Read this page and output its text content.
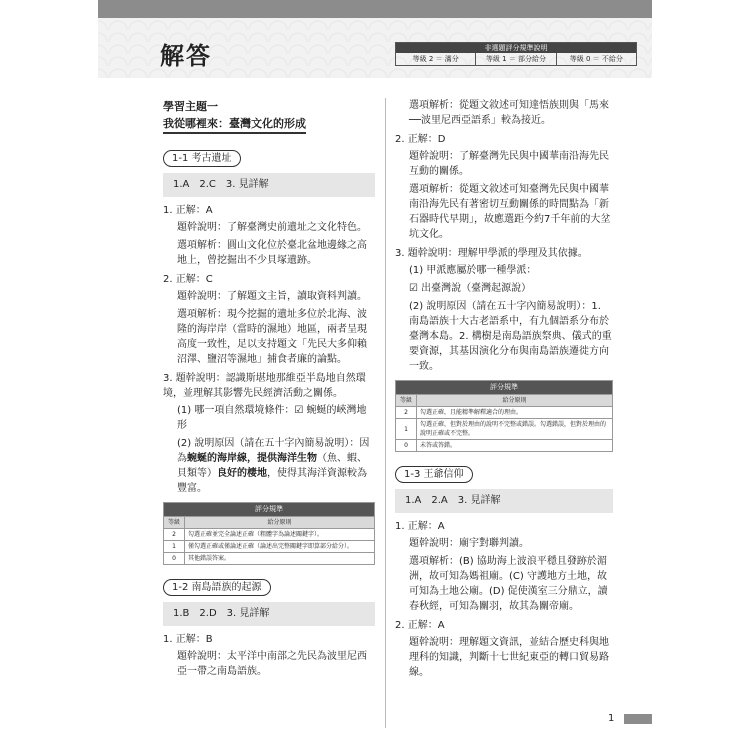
解答	非選題評分規準說明
等級 2 ＝ 滿分	等級 1 ＝ 部分給分	等級 0 ＝ 不給分
學習主題一
我從哪裡來：臺灣文化的形成
1-1 考古遺址
1.A　2.C　3. 見詳解
1. 正解：A
題幹說明：了解臺灣史前遺址之文化特色。
選項解析：圓山文化位於臺北盆地邊緣之高地上，曾挖掘出不少貝塚遺跡。
2. 正解：C
題幹說明：了解題文主旨，讀取資料判讀。
選項解析：現今挖掘的遺址多位於北海、波隆的海岸岸（當時的濕地）地區，兩者呈現高度一致性，足以支持題文「先民大多仰賴沼澤、鹽沼等濕地」捕食者廉的論點。
3. 題幹說明：認識斯堪地那維亞半島地自然環境，並理解其影響先民經濟活動之關係。
(1) 哪一項自然環境條件：☑ 蜿蜒的峽灣地形
(2) 說明原因（請在五十字內簡易說明）：因為蜿蜒的海岸線，提供海洋生物（魚、蝦、貝類等）良好的棲地，使得其海洋資源較為豐富。
評分規準	
等級	給分原則
2	勾選正確並完全論述正確（粗體字為論述關鍵字）。
1	僅勾選正確或僅論述正確（論述出完整關鍵字即算部分給分）。
0	其他錯誤答案。
1-2 南島語族的起源
1.B　2.D　3. 見詳解
1. 正解：B
題幹說明：太平洋中南部之先民為波里尼西亞一帶之南島語族。
選項解析：從題文敘述可知達悟族則與「馬來──波里尼西亞語系」較為接近。
2. 正解：D
題幹說明：了解臺灣先民與中國華南沿海先民互動的關係。
選項解析：從題文敘述可知臺灣先民與中國華南沿海先民有著密切互動關係的時間點為「新石器時代早期」，故應選距今約7千年前的大坌坑文化。
3. 題幹說明：理解甲學派的學理及其依據。
(1) 甲派應屬於哪一種學派：
☑ 出臺灣說（臺灣起源說）
(2) 說明原因（請在五十字內簡易說明）：1. 南島語族十大古老語系中，有九個語系分布於臺灣本島。2. 構樹是南島語族祭典、儀式的重要資源，其基因演化分布與南島語族遷徙方向一致。
評分規準	
等級	給分原則
2	勾選正確，且能精準解釋適合的理由。
1	勾選正確，但對於理由的說明不完整或錯誤。勾選錯誤，但對於理由的說明正確或不完整。
0	未答或答錯。
1-3 王爺信仰
1.A　2.A　3. 見詳解
1. 正解：A
題幹說明：廟宇對聯判讀。
選項解析：(B) 協助海上波浪平穩且發跡於湄洲，故可知為媽祖廟。(C) 守護地方土地，故可知為土地公廟。(D) 促使漢室三分鼎立，讀春秋經，可知為關羽，故其為關帝廟。
2. 正解：A
題幹說明：理解題文資訊，並結合歷史科與地理科的知識，判斷十七世紀東亞的轉口貿易路線。
1
